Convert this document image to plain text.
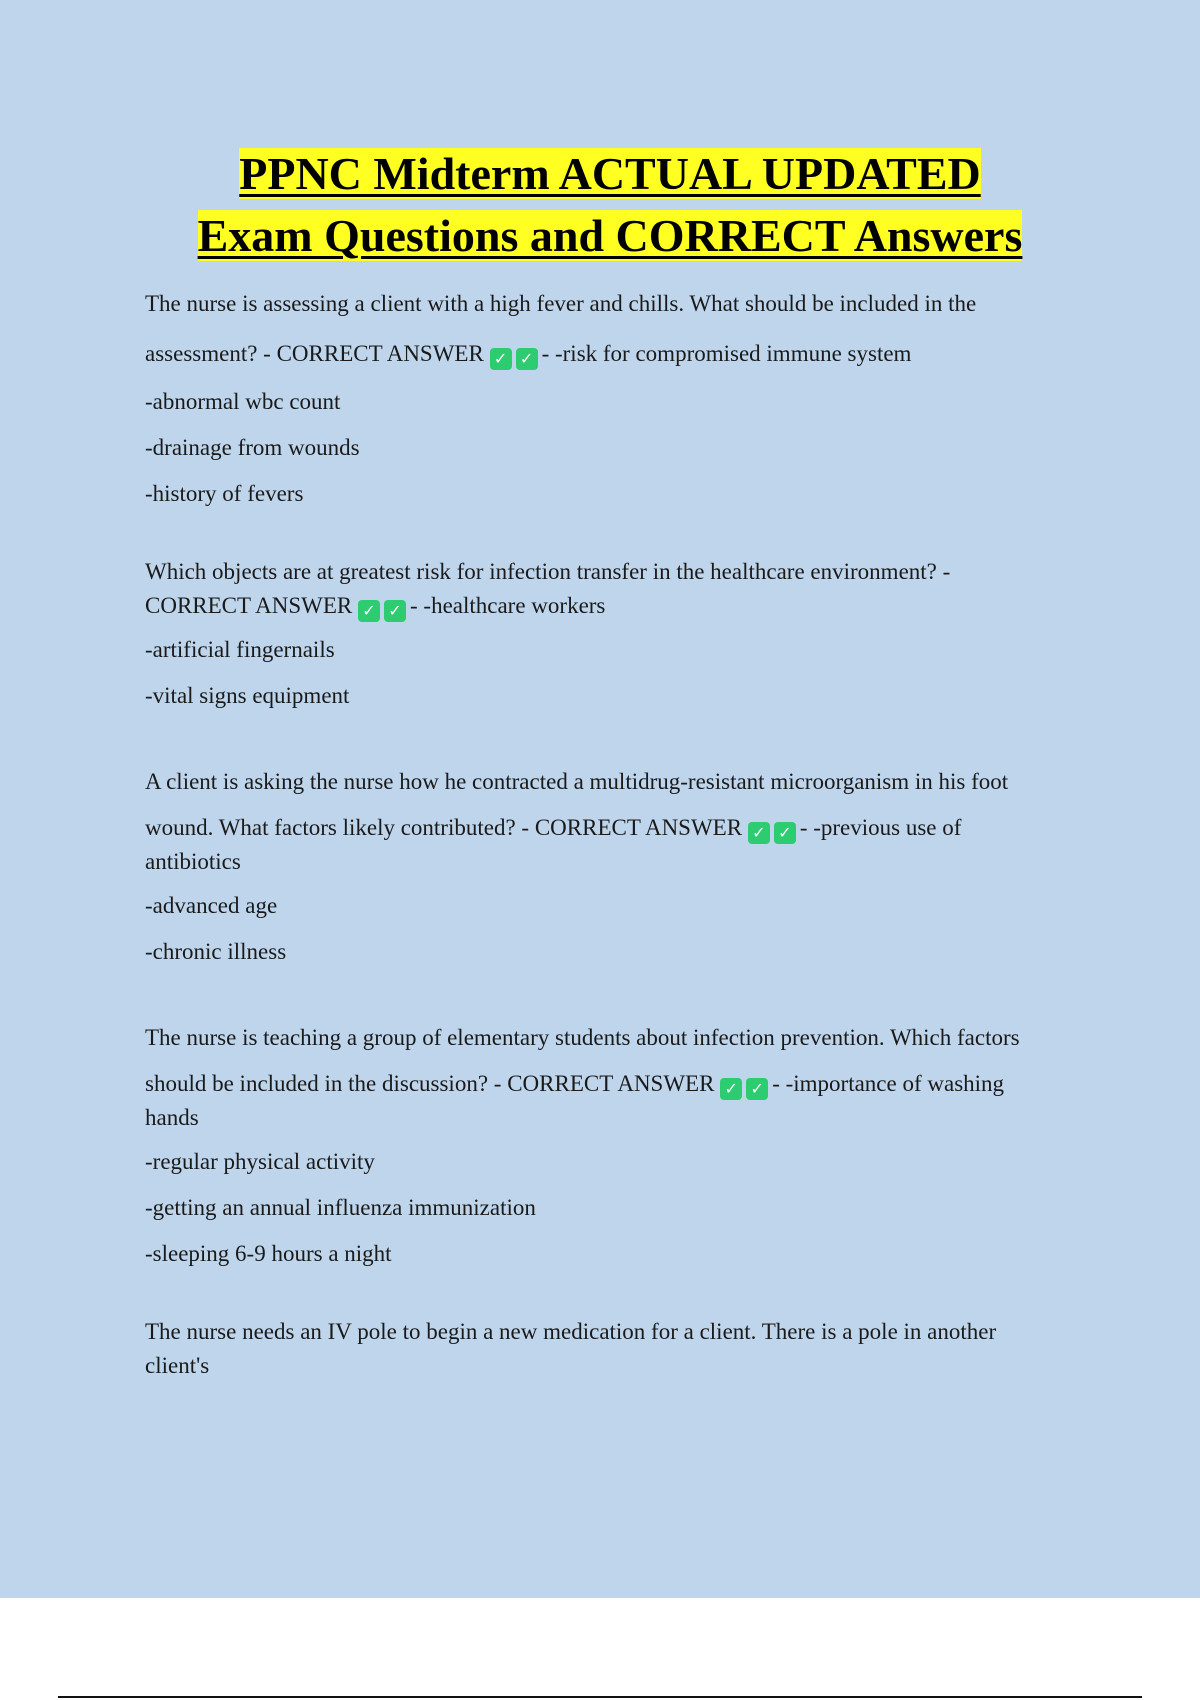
PPNC Midterm ACTUAL UPDATED
Exam Questions and CORRECT Answers

The nurse is assessing a client with a high fever and chills. What should be included in the
assessment? - CORRECT ANSWER ✓ ✓ - -risk for compromised immune system

-abnormal wbc count

-drainage from wounds

-history of fevers

Which objects are at greatest risk for infection transfer in the healthcare environment? -
CORRECT ANSWER ✓ ✓ - -healthcare workers

-artificial fingernails

-vital signs equipment

A client is asking the nurse how he contracted a multidrug-resistant microorganism in his foot

wound. What factors likely contributed? - CORRECT ANSWER ✓ ✓ - -previous use of
antibiotics

-advanced age

-chronic illness

The nurse is teaching a group of elementary students about infection prevention. Which factors

should be included in the discussion? - CORRECT ANSWER ✓ ✓ - -importance of washing
hands

-regular physical activity

-getting an annual influenza immunization

-sleeping 6-9 hours a night

The nurse needs an IV pole to begin a new medication for a client. There is a pole in another
client's
